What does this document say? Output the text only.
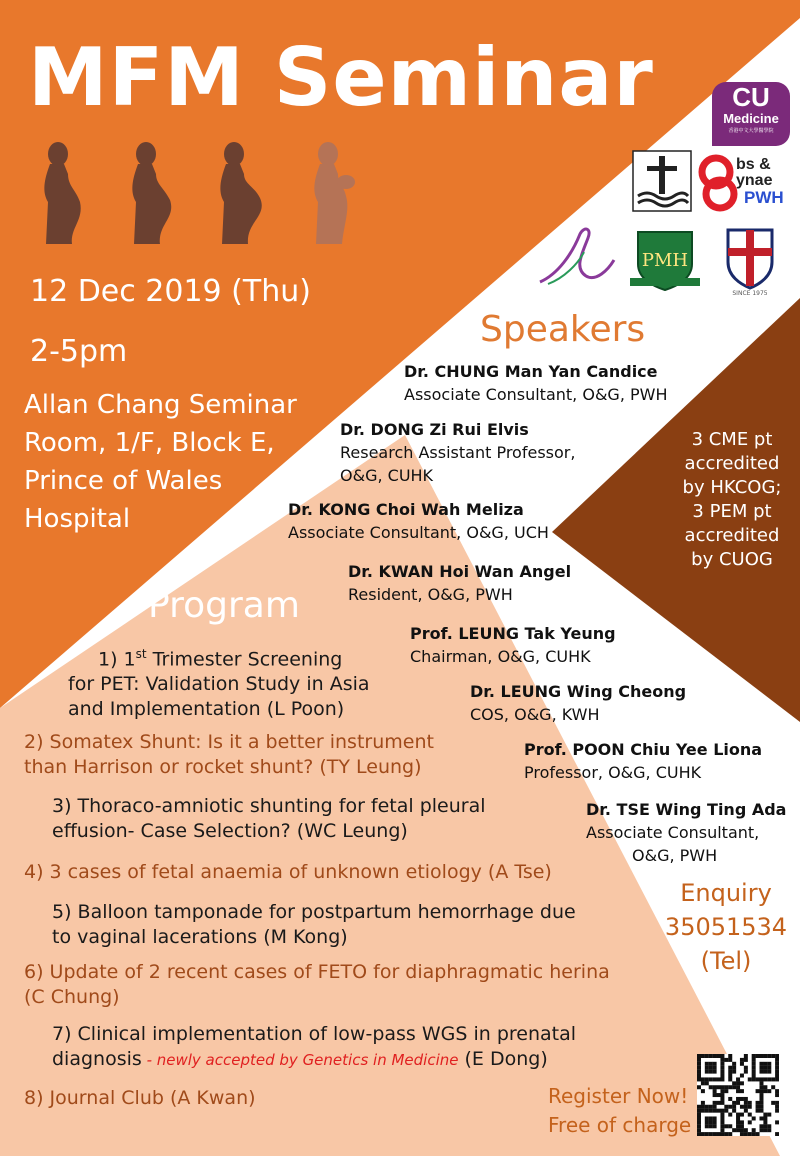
MFM Seminar
12 Dec 2019 (Thu)
2-5pm
Allan Chang Seminar
Room, 1/F, Block E,
Prince of Wales
Hospital
CU
Medicine
香港中文大學醫學院
bs &
ynae
PWH
PMH
SINCE 1975
Speakers
Dr. CHUNG Man Yan Candice
Associate Consultant, O&G, PWH
Dr. DONG Zi Rui Elvis
Research Assistant Professor,
O&G, CUHK
Dr. KONG Choi Wah Meliza
Associate Consultant, O&G, UCH
Dr. KWAN Hoi Wan Angel
Resident, O&G, PWH
Prof. LEUNG Tak Yeung
Chairman, O&G, CUHK
Dr. LEUNG Wing Cheong
COS, O&G, KWH
Prof. POON Chiu Yee Liona
Professor, O&G, CUHK
Dr. TSE Wing Ting Ada
Associate Consultant,
O&G, PWH
3 CME pt
accredited
by HKCOG;
3 PEM pt
accredited
by CUOG
Program
1) 1st Trimester Screening
for PET: Validation Study in Asia
and Implementation (L Poon)
2) Somatex Shunt: Is it a better instrument
than Harrison or rocket shunt? (TY Leung)
3) Thoraco-amniotic shunting for fetal pleural
effusion- Case Selection? (WC Leung)
4) 3 cases of fetal anaemia of unknown etiology (A Tse)
5) Balloon tamponade for postpartum hemorrhage due
to vaginal lacerations (M Kong)
6) Update of 2 recent cases of FETO for diaphragmatic herina
(C Chung)
7) Clinical implementation of low-pass WGS in prenatal
diagnosis - newly accepted by Genetics in Medicine (E Dong)
8) Journal Club (A Kwan)
Enquiry
35051534
(Tel)
Register Now!
Free of charge
